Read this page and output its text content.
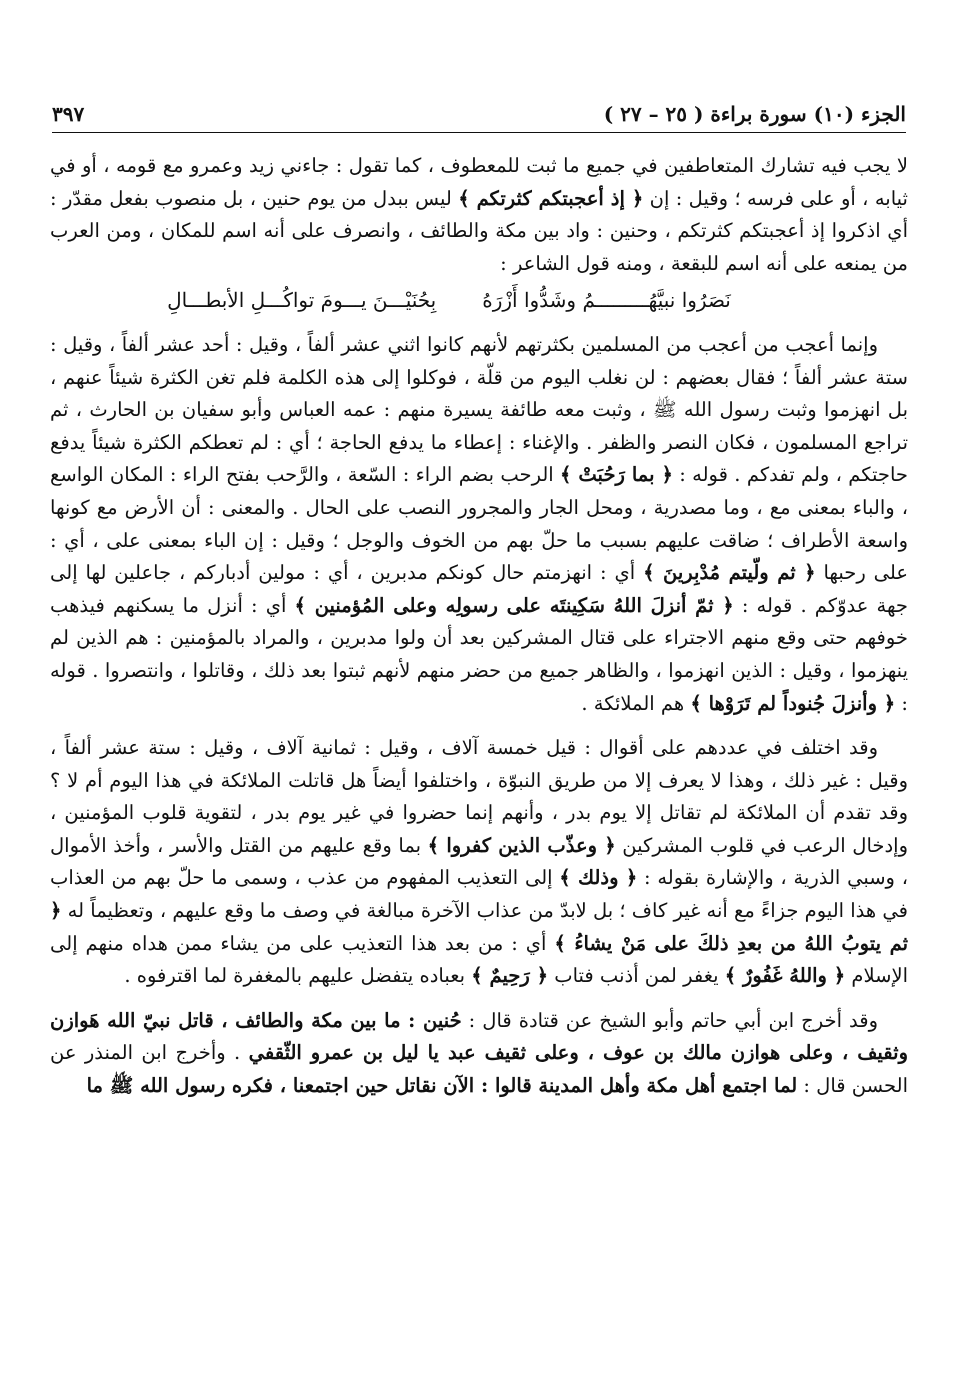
الجزء (١٠) سورة براءة ( ٢٥ – ٢٧ )
٣٩٧

لا يجب فيه تشارك المتعاطفين في جميع ما ثبت للمعطوف ، كما تقول : جاءني زيد وعمرو مع قومه ، أو في ثيابه ، أو على فرسه ؛ وقيل : إن ﴿ إذ أعجبتكم كثرتكم ﴾ ليس ببدل من يوم حنين ، بل منصوب بفعل مقدّر : أي اذكروا إذ أعجبتكم كثرتكم ، وحنين : واد بين مكة والطائف ، وانصرف على أنه اسم للمكان ، ومن العرب من يمنعه على أنه اسم للبقعة ، ومنه قول الشاعر :

نَصَرُوا نبيَّهُـــــــــمُ وشَدُّوا أَزْرَهُ
بِحُنَيْـــنَ يـــومَ تواكُـــلِ الأبطـــالِ

وإنما أعجب من أعجب من المسلمين بكثرتهم لأنهم كانوا اثني عشر ألفاً ، وقيل : أحد عشر ألفاً ، وقيل : ستة عشر ألفاً ؛ فقال بعضهم : لن نغلب اليوم من قلّة ، فوكلوا إلى هذه الكلمة فلم تغن الكثرة شيئاً عنهم ، بل انهزموا وثبت رسول الله ﷺ ، وثبت معه طائفة يسيرة منهم : عمه العباس وأبو سفيان بن الحارث ، ثم تراجع المسلمون ، فكان النصر والظفر . والإغناء : إعطاء ما يدفع الحاجة ؛ أي : لم تعطكم الكثرة شيئاً يدفع حاجتكم ، ولم تفدكم . قوله : ﴿ بما رَحُبَتْ ﴾ الرحب بضم الراء : السّعة ، والرَّحب بفتح الراء : المكان الواسع ، والباء بمعنى مع ، وما مصدرية ، ومحل الجار والمجرور النصب على الحال . والمعنى : أن الأرض مع كونها واسعة الأطراف ؛ ضاقت عليهم بسبب ما حلّ بهم من الخوف والوجل ؛ وقيل : إن الباء بمعنى على ، أي : على رحبها ﴿ ثم ولّيتم مُدْبِرينَ ﴾ أي : انهزمتم حال كونكم مدبرين ، أي : مولين أدباركم ، جاعلين لها إلى جهة عدوّكم . قوله : ﴿ ثمّ أنزلَ اللهُ سَكِينتَه على رسولِه وعلى المُؤمنين ﴾ أي : أنزل ما يسكنهم فيذهب خوفهم حتى وقع منهم الاجتراء على قتال المشركين بعد أن ولوا مدبرين ، والمراد بالمؤمنين : هم الذين لم ينهزموا ، وقيل : الذين انهزموا ، والظاهر جميع من حضر منهم لأنهم ثبتوا بعد ذلك ، وقاتلوا ، وانتصروا . قوله : ﴿ وأنزلَ جُنوداً لم تَرَوْها ﴾ هم الملائكة .

وقد اختلف في عددهم على أقوال : قيل خمسة آلاف ، وقيل : ثمانية آلاف ، وقيل : ستة عشر ألفاً ، وقيل : غير ذلك ، وهذا لا يعرف إلا من طريق النبوّة ، واختلفوا أيضاً هل قاتلت الملائكة في هذا اليوم أم لا ؟ وقد تقدم أن الملائكة لم تقاتل إلا يوم بدر ، وأنهم إنما حضروا في غير يوم بدر ، لتقوية قلوب المؤمنين ، وإدخال الرعب في قلوب المشركين ﴿ وعذّب الذين كفروا ﴾ بما وقع عليهم من القتل والأسر ، وأخذ الأموال ، وسبي الذرية ، والإشارة بقوله : ﴿ وذلك ﴾ إلى التعذيب المفهوم من عذب ، وسمى ما حلّ بهم من العذاب في هذا اليوم جزاءً مع أنه غير كاف ؛ بل لابدّ من عذاب الآخرة مبالغة في وصف ما وقع عليهم ، وتعظيماً له ﴿ ثم يتوبُ اللهُ من بعدِ ذلكَ على مَنْ يشاءُ ﴾ أي : من بعد هذا التعذيب على من يشاء ممن هداه منهم إلى الإسلام ﴿ واللهُ غَفُورٌ ﴾ يغفر لمن أذنب فتاب ﴿ رَحِيمٌ ﴾ بعباده يتفضل عليهم بالمغفرة لما اقترفوه .

وقد أخرج ابن أبي حاتم وأبو الشيخ عن قتادة قال : حُنين : ما بين مكة والطائف ، قاتل نبيّ الله هَوازن وثقيف ، وعلى هوازن مالك بن عوف ، وعلى ثقيف عبد يا ليل بن عمرو الثّقفي . وأخرج ابن المنذر عن الحسن قال : لما اجتمع أهل مكة وأهل المدينة قالوا : الآن نقاتل حين اجتمعنا ، فكره رسول الله ﷺ ما
